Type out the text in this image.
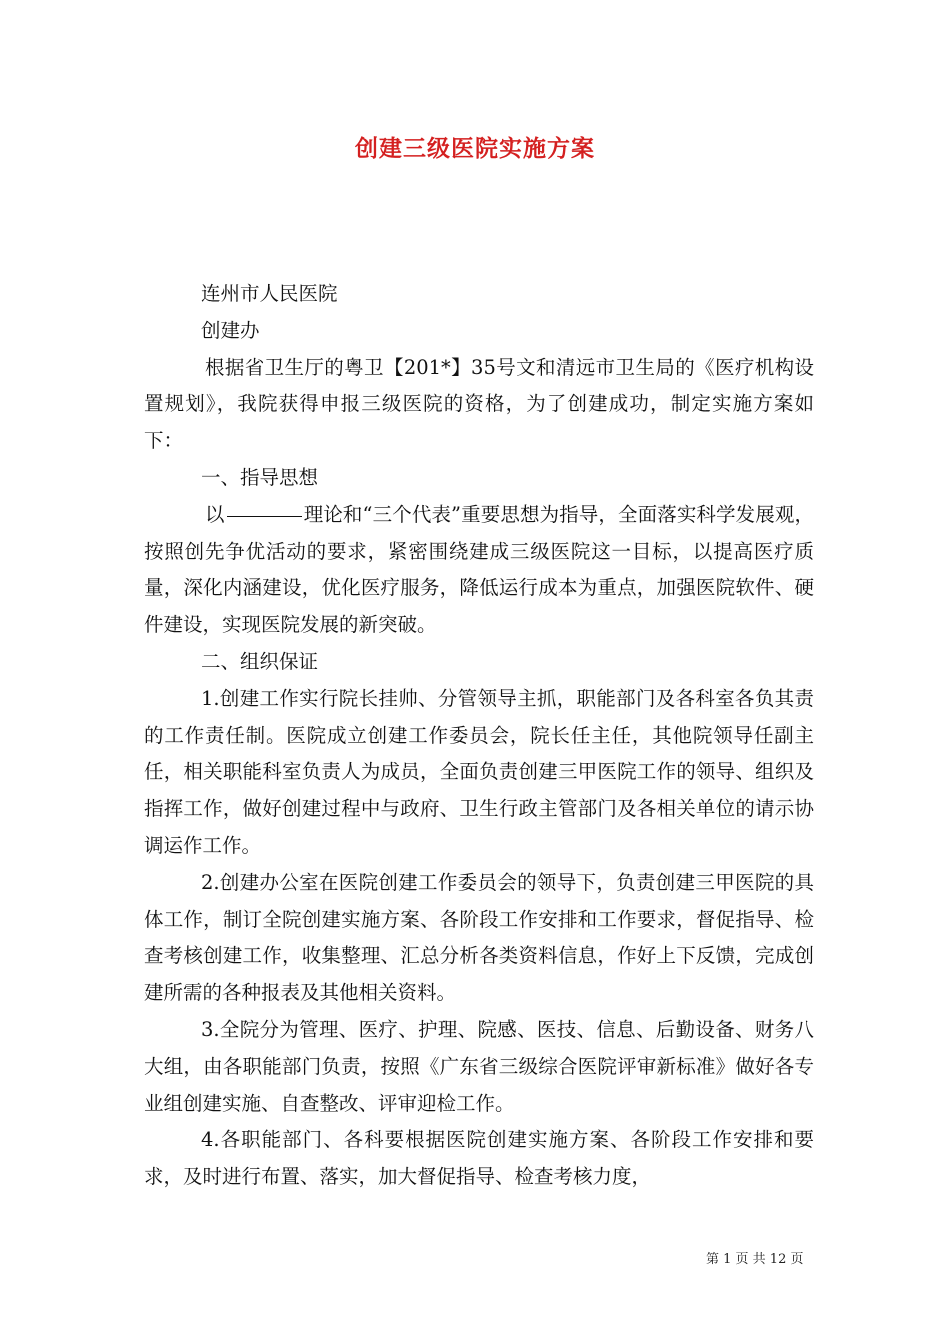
创建三级医院实施方案

连州市人民医院

创建办

根据省卫生厅的粤卫【201*】35号文和清远市卫生局的《医疗机构设置规划》，我院获得申报三级医院的资格，为了创建成功，制定实施方案如下：

一、指导思想

以	理论和“三个代表”重要思想为指导，全面落实科学发展观，按照创先争优活动的要求，紧密围绕建成三级医院这一目标，以提高医疗质量，深化内涵建设，优化医疗服务，降低运行成本为重点，加强医院软件、硬件建设，实现医院发展的新突破。

二、组织保证

1.创建工作实行院长挂帅、分管领导主抓，职能部门及各科室各负其责的工作责任制。医院成立创建工作委员会，院长任主任，其他院领导任副主任，相关职能科室负责人为成员，全面负责创建三甲医院工作的领导、组织及指挥工作，做好创建过程中与政府、卫生行政主管部门及各相关单位的请示协调运作工作。

2.创建办公室在医院创建工作委员会的领导下，负责创建三甲医院的具体工作，制订全院创建实施方案、各阶段工作安排和工作要求，督促指导、检查考核创建工作，收集整理、汇总分析各类资料信息，作好上下反馈，完成创建所需的各种报表及其他相关资料。

3.全院分为管理、医疗、护理、院感、医技、信息、后勤设备、财务八大组，由各职能部门负责，按照《广东省三级综合医院评审新标准》做好各专业组创建实施、自查整改、评审迎检工作。

4.各职能部门、各科要根据医院创建实施方案、各阶段工作安排和要求，及时进行布置、落实，加大督促指导、检查考核力度，

第 1 页 共 12 页
